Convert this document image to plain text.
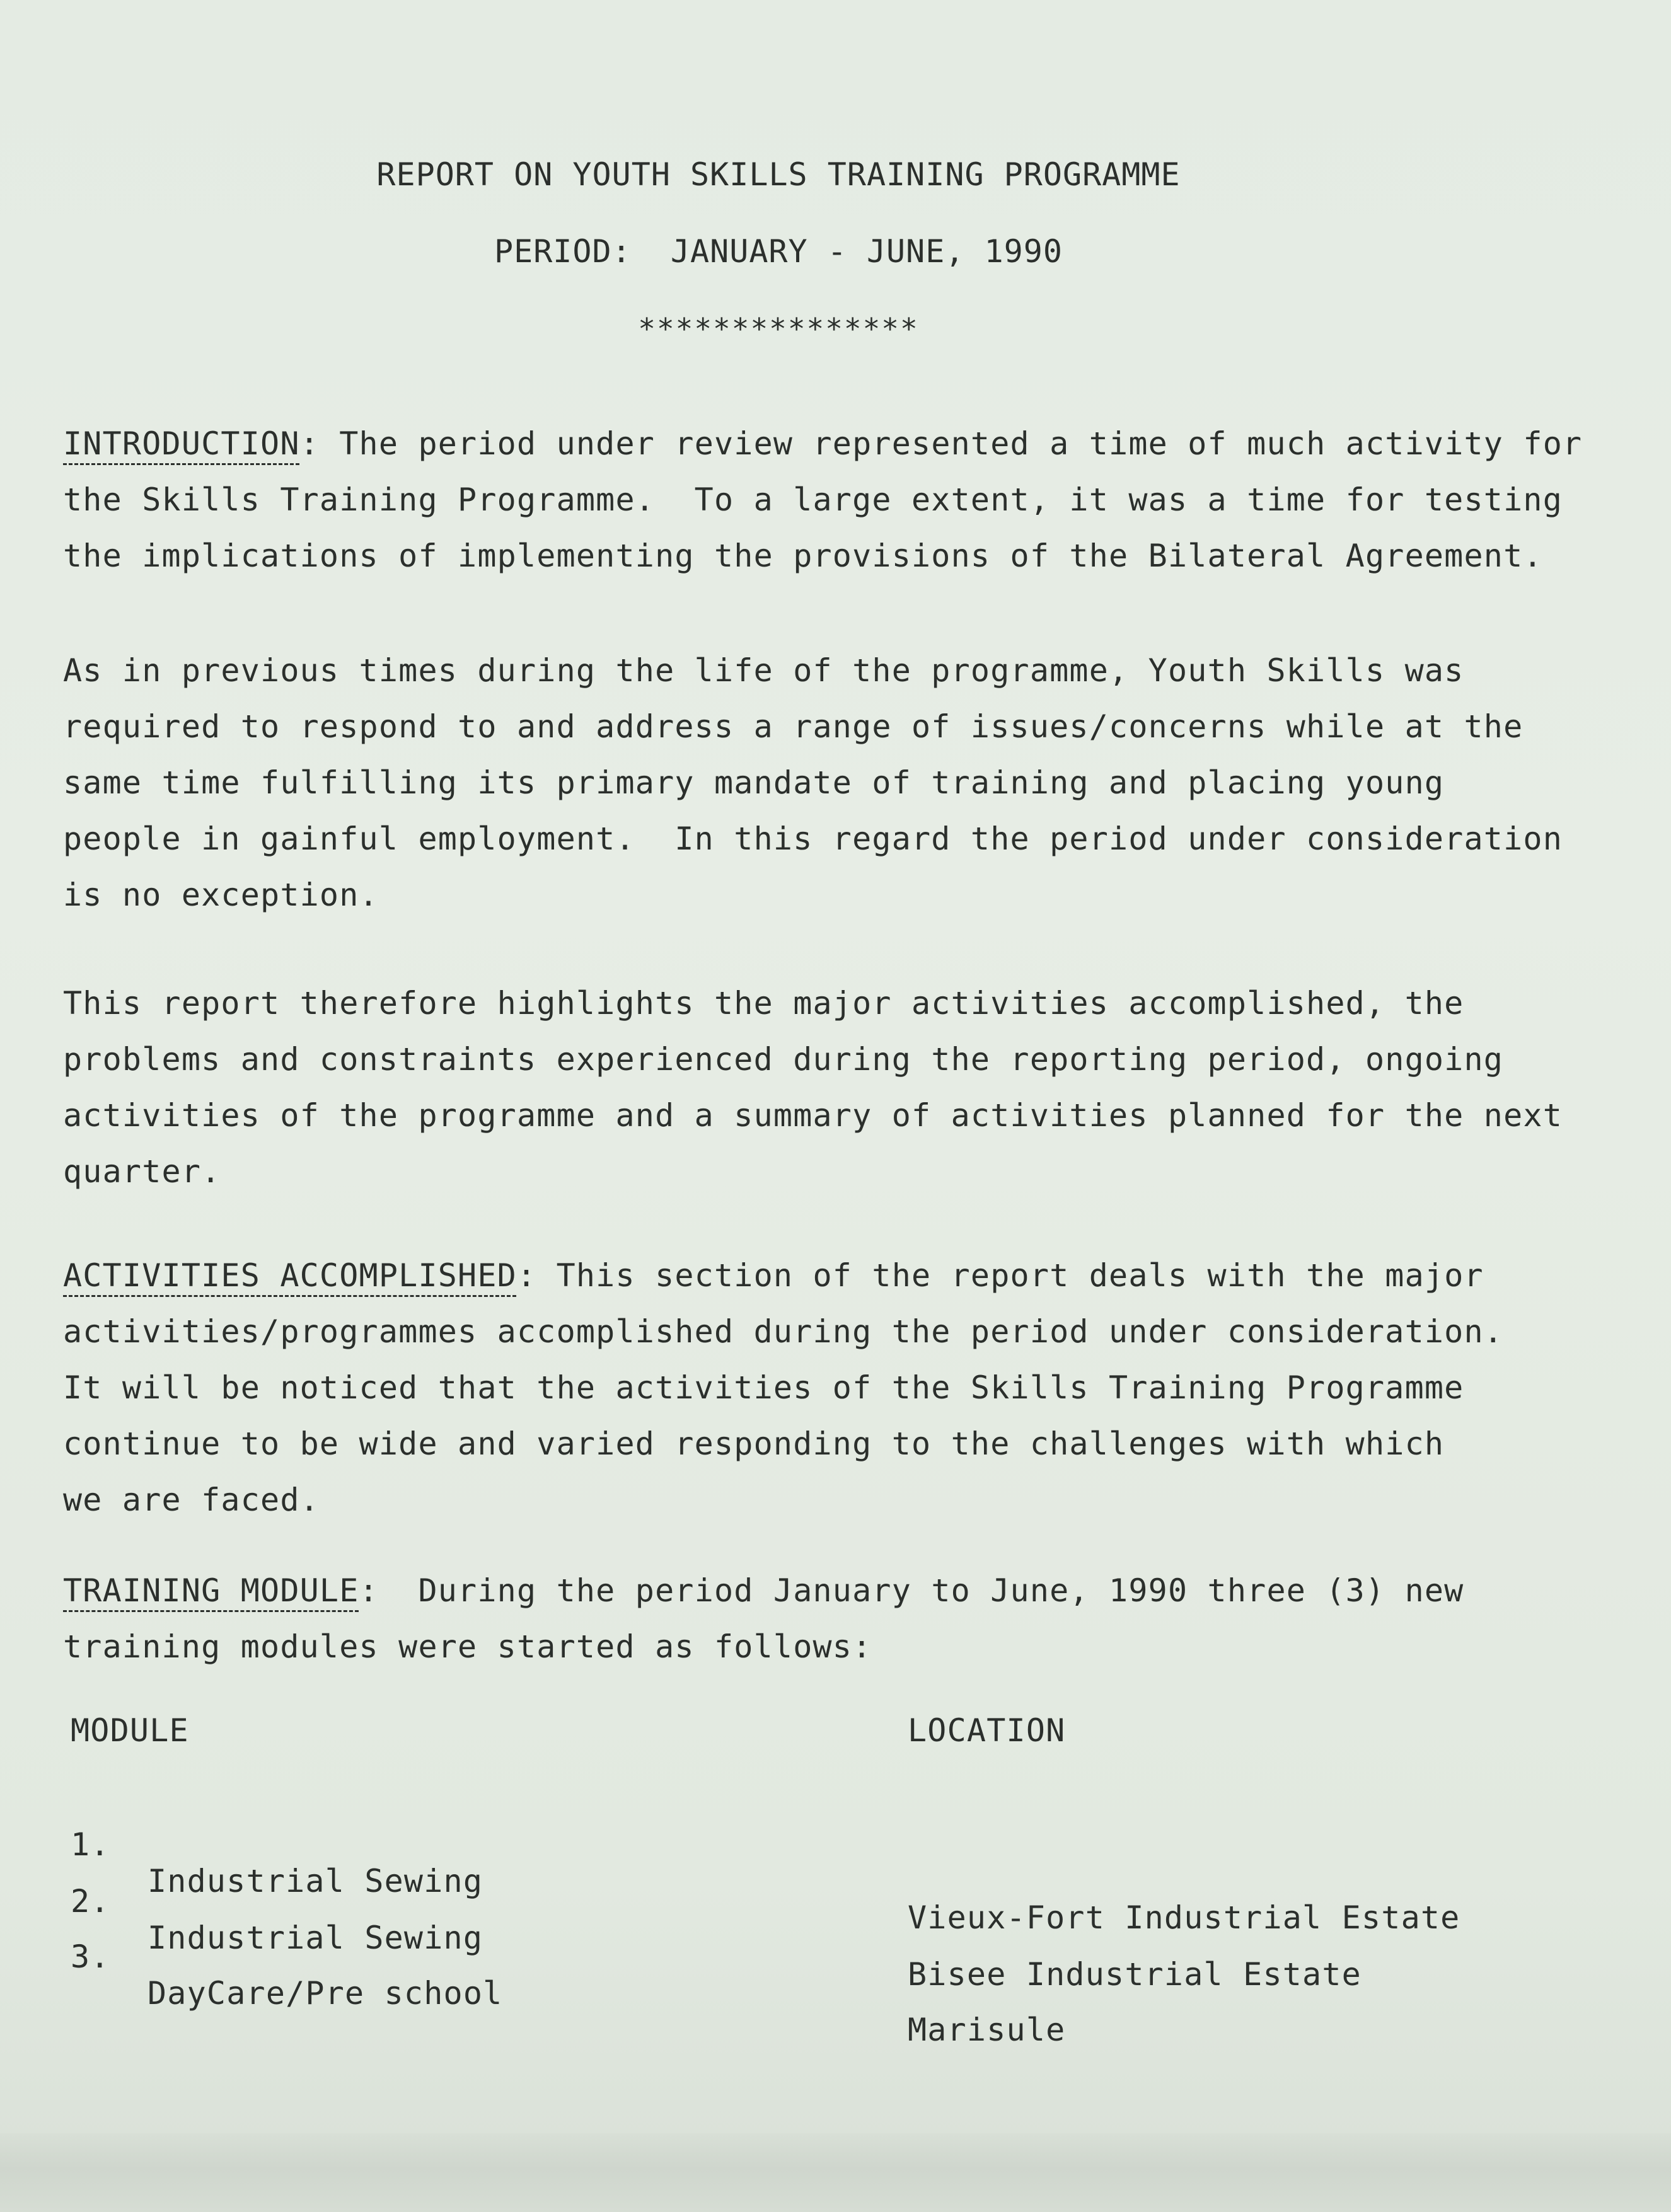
REPORT ON YOUTH SKILLS TRAINING PROGRAMME
PERIOD:  JANUARY - JUNE, 1990
***************
INTRODUCTION: The period under review represented a time of much activity for
the Skills Training Programme.  To a large extent, it was a time for testing
the implications of implementing the provisions of the Bilateral Agreement.
As in previous times during the life of the programme, Youth Skills was
required to respond to and address a range of issues/concerns while at the
same time fulfilling its primary mandate of training and placing young
people in gainful employment.  In this regard the period under consideration
is no exception.
This report therefore highlights the major activities accomplished, the
problems and constraints experienced during the reporting period, ongoing
activities of the programme and a summary of activities planned for the next
quarter.
ACTIVITIES ACCOMPLISHED: This section of the report deals with the major
activities/programmes accomplished during the period under consideration.
It will be noticed that the activities of the Skills Training Programme
continue to be wide and varied responding to the challenges with which
we are faced.
TRAINING MODULE:  During the period January to June, 1990 three (3) new
training modules were started as follows:
MODULE	LOCATION

1.

Industrial Sewing

Vieux-Fort Industrial Estate

2.

Industrial Sewing

Bisee Industrial Estate

3.

DayCare/Pre school

Marisule
